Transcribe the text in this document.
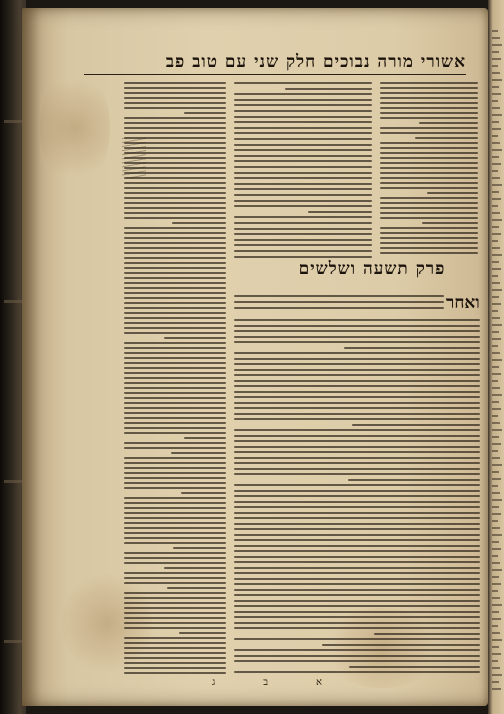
אשורי מורה נבוכים חלק שני עם טוב פב
פרק תשעה ושלשים
ואחר
א
ב
ג
